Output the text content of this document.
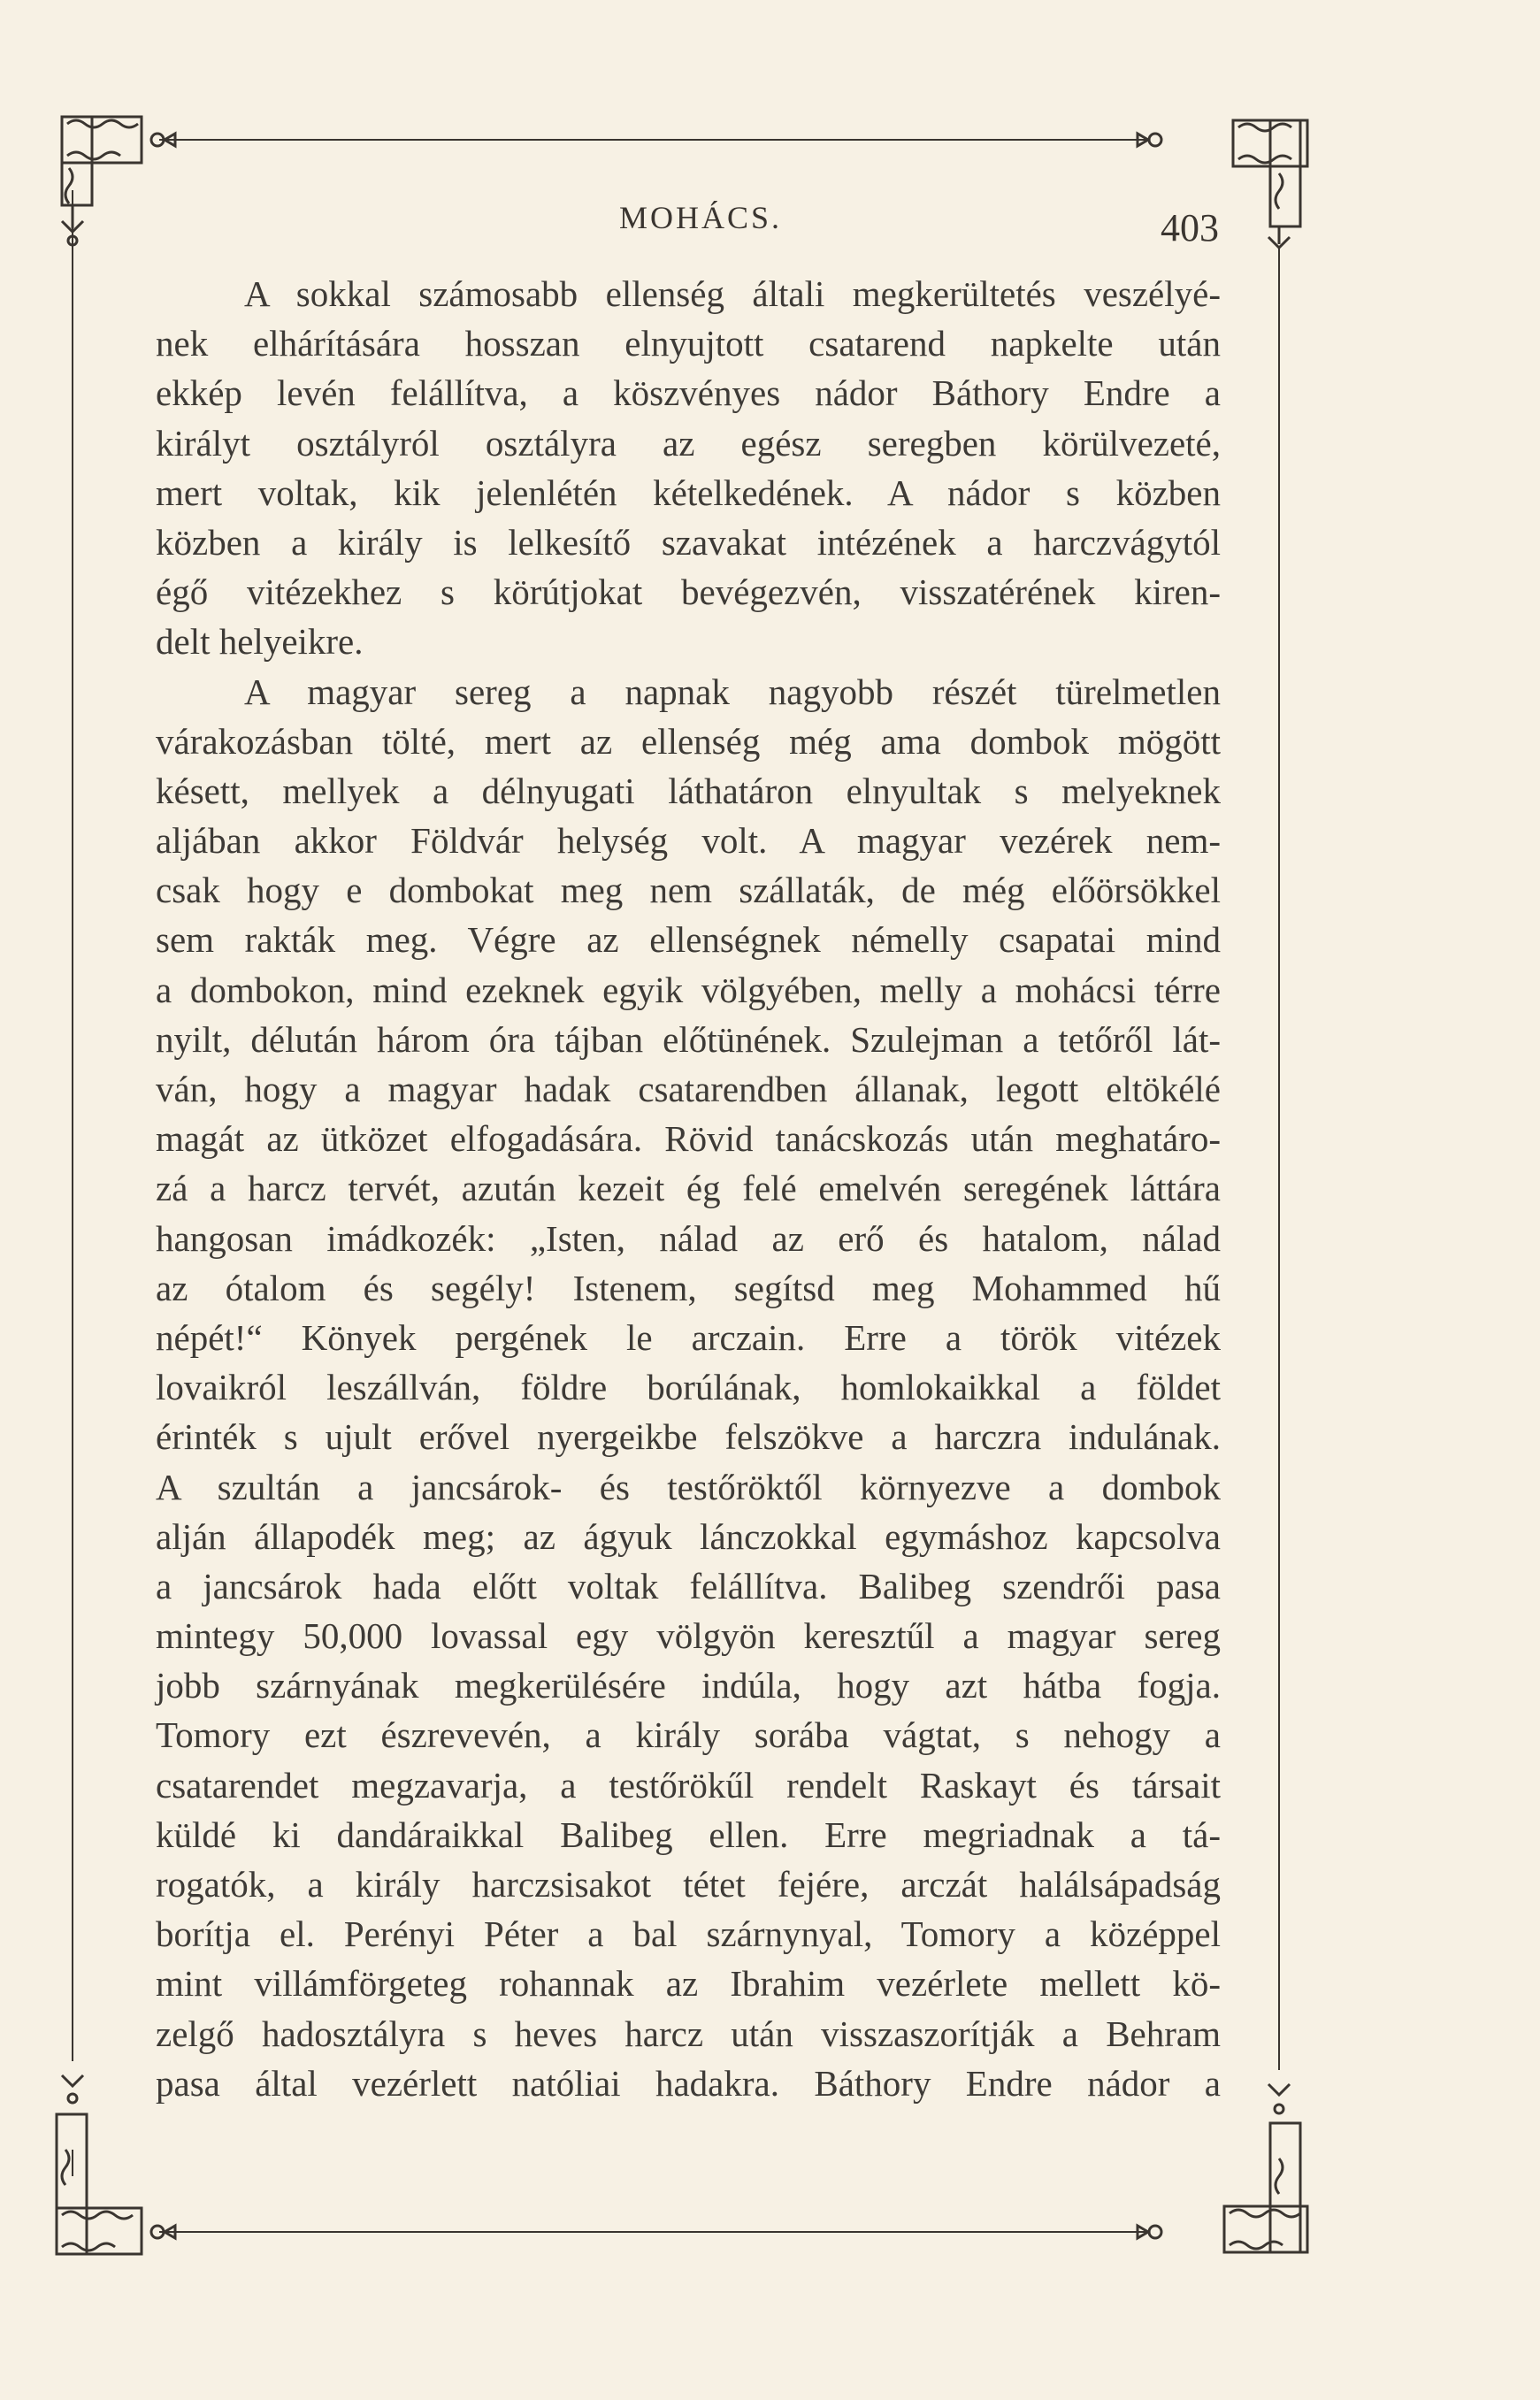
MOHÁCS.	403
A sokkal számosabb ellenség általi megkerültetés veszélyé-
nek elhárítására hosszan elnyujtott csatarend napkelte után
ekkép levén felállítva, a köszvényes nádor Báthory Endre a
királyt osztályról osztályra az egész seregben körülvezeté,
mert voltak, kik jelenlétén kételkedének. A nádor s közben
közben a király is lelkesítő szavakat intézének a harczvágytól
égő vitézekhez s körútjokat bevégezvén, visszatérének kiren-
delt helyeikre.
A magyar sereg a napnak nagyobb részét türelmetlen
várakozásban tölté, mert az ellenség még ama dombok mögött
késett, mellyek a délnyugati láthatáron elnyultak s melyeknek
aljában akkor Földvár helység volt. A magyar vezérek nem-
csak hogy e dombokat meg nem szállaták, de még előörsökkel
sem rakták meg. Végre az ellenségnek némelly csapatai mind
a dombokon, mind ezeknek egyik völgyében, melly a mohácsi térre
nyilt, délután három óra tájban előtünének. Szulejman a tetőről lát-
ván, hogy a magyar hadak csatarendben állanak, legott eltökélé
magát az ütközet elfogadására. Rövid tanácskozás után meghatáro-
zá a harcz tervét, azután kezeit ég felé emelvén seregének láttára
hangosan imádkozék: „Isten, nálad az erő és hatalom, nálad
az ótalom és segély! Istenem, segítsd meg Mohammed hű
népét!“ Könyek pergének le arczain. Erre a török vitézek
lovaikról leszállván, földre borúlának, homlokaikkal a földet
érinték s ujult erővel nyergeikbe felszökve a harczra indulának.
A szultán a jancsárok- és testőröktől környezve a dombok
alján állapodék meg; az ágyuk lánczokkal egymáshoz kapcsolva
a jancsárok hada előtt voltak felállítva. Balibeg szendrői pasa
mintegy 50,000 lovassal egy völgyön keresztűl a magyar sereg
jobb szárnyának megkerülésére indúla, hogy azt hátba fogja.
Tomory ezt észrevevén, a király sorába vágtat, s nehogy a
csatarendet megzavarja, a testőrökűl rendelt Raskayt és társait
küldé ki dandáraikkal Balibeg ellen. Erre megriadnak a tá-
rogatók, a király harczsisakot tétet fejére, arczát halálsápadság
borítja el. Perényi Péter a bal szárnynyal, Tomory a középpel
mint villámförgeteg rohannak az Ibrahim vezérlete mellett kö-
zelgő hadosztályra s heves harcz után visszaszorítják a Behram
pasa által vezérlett natóliai hadakra. Báthory Endre nádor a
